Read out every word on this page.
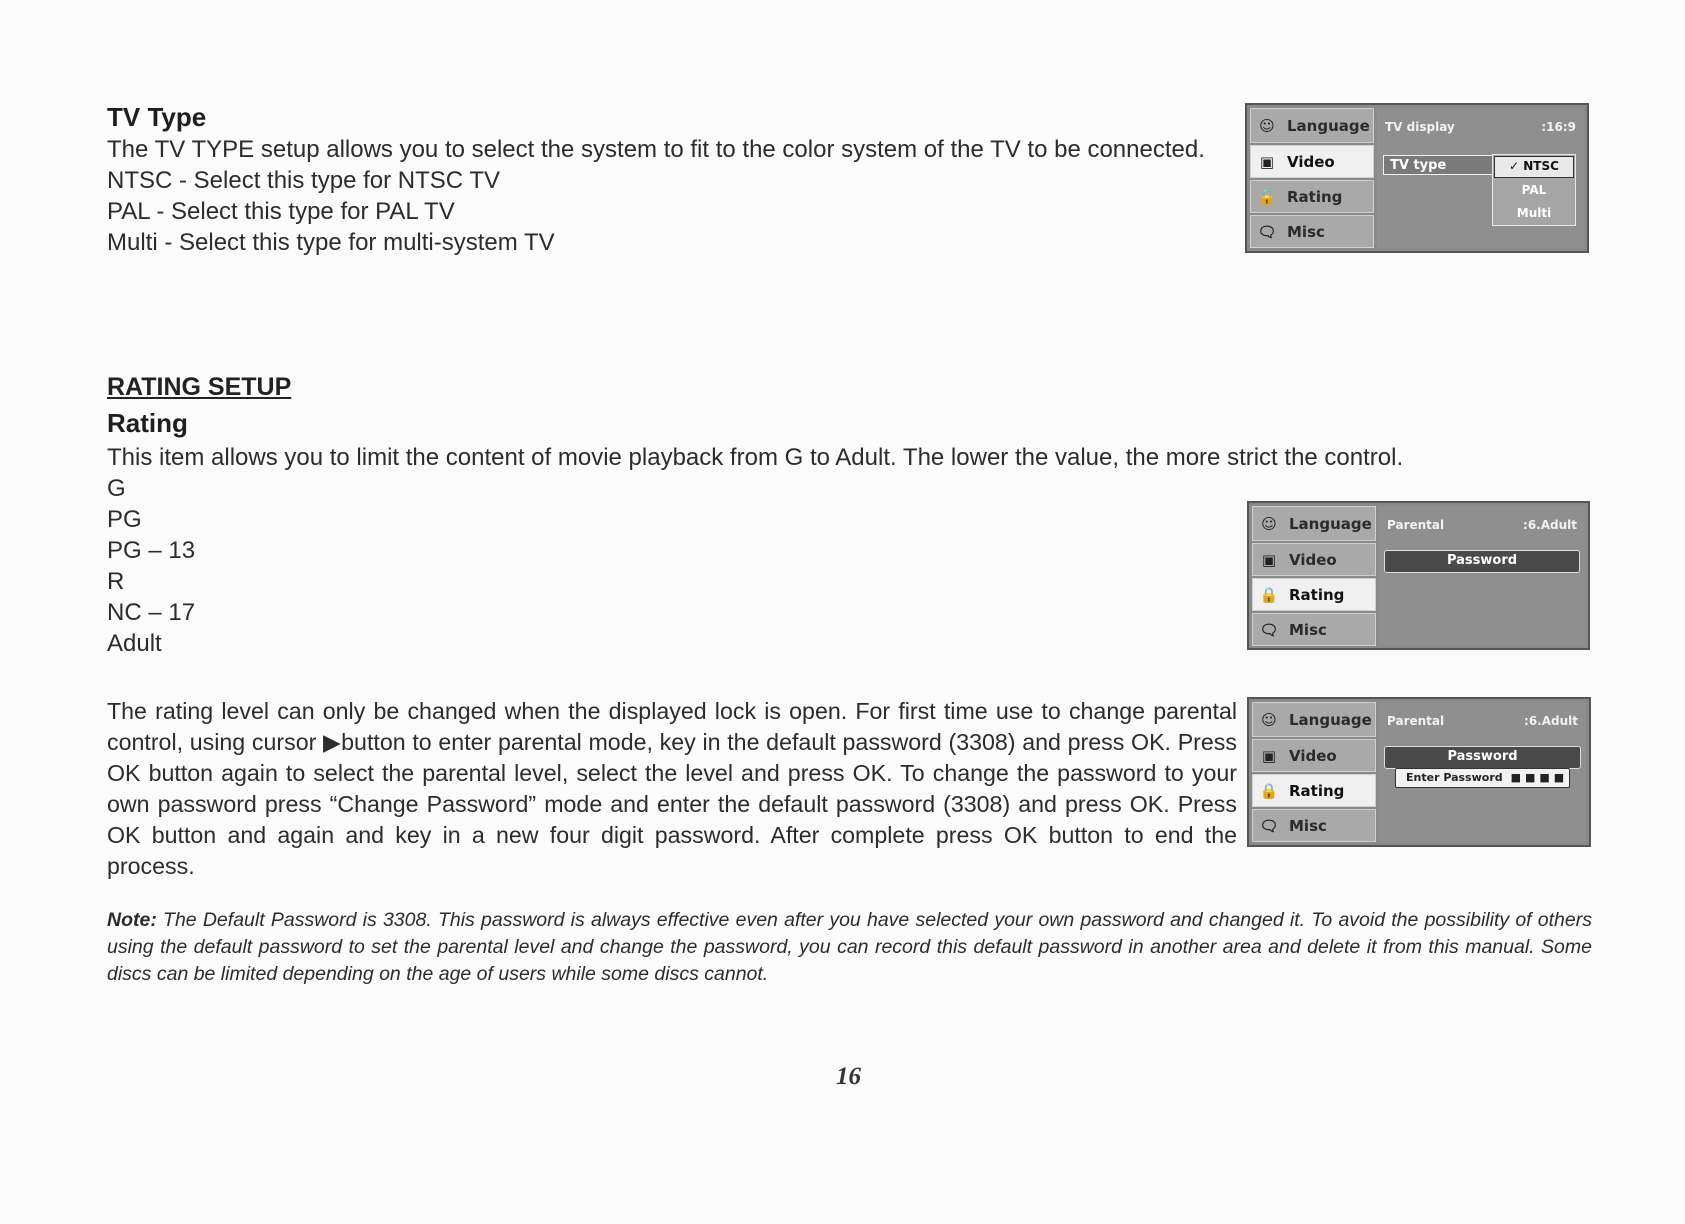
TV Type
The TV TYPE setup allows you to select the system to fit to the color system of the TV to be connected.
NTSC - Select this type for NTSC TV
PAL - Select this type for PAL TV
Multi - Select this type for multi-system TV
☺ Language
▣ Video
🔒 Rating
🗨 Misc
TV display	:16:9
TV type	✓ NTSC
PAL
Multi
RATING SETUP
Rating
This item allows you to limit the content of movie playback from G to Adult. The lower the value, the more strict the control.
G
PG
PG – 13
R
NC – 17
Adult
☺ Language
▣ Video
🔒 Rating
🗨 Misc
Parental	:6.Adult
Password
The rating level can only be changed when the displayed lock is open. For first time use to change parental control, using cursor ▶button to enter parental mode, key in the default password (3308) and press OK. Press OK button again to select the parental level, select the level and press OK. To change the password to your own password press “Change Password” mode and enter the default password (3308) and press OK. Press OK button and again and key in a new four digit password. After complete press OK button to end the process.
☺ Language
▣ Video
🔒 Rating
🗨 Misc
Parental	:6.Adult
Password
Enter Password ■■■■
Note: The Default Password is 3308. This password is always effective even after you have selected your own password and changed it. To avoid the possibility of others using the default password to set the parental level and change the password, you can record this default password in another area and delete it from this manual. Some discs can be limited depending on the age of users while some discs cannot.
16
